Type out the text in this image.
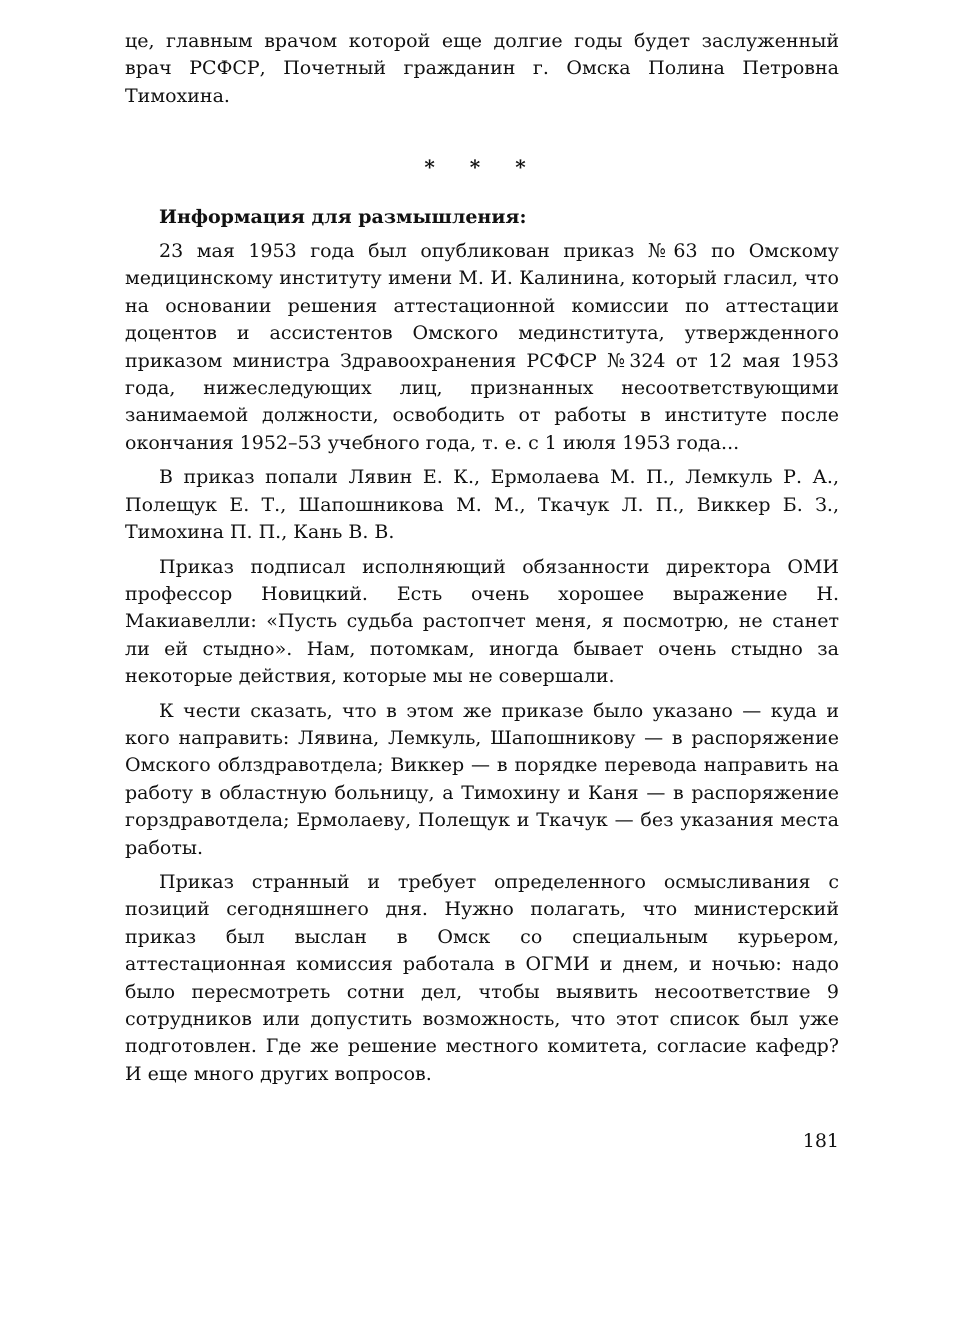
це, главным врачом которой еще долгие годы будет заслуженный врач РСФСР, Почетный гражданин г. Омска Полина Петровна Тимохина.

* * *

Информация для размышления:

23 мая 1953 года был опубликован приказ №63 по Омскому медицинскому институту имени М. И. Калинина, который гласил, что на основании решения аттестационной комиссии по аттестации доцентов и ассистентов Омского мединститута, утвержденного приказом министра Здравоохранения РСФСР №324 от 12 мая 1953 года, нижеследующих лиц, признанных несоответствующими занимаемой должности, освободить от работы в институте после окончания 1952–53 учебного года, т. е. с 1 июля 1953 года...

В приказ попали Лявин Е. К., Ермолаева М. П., Лемкуль Р. А., Полещук Е. Т., Шапошникова М. М., Ткачук Л. П., Виккер Б. З., Тимохина П. П., Кань В. В.

Приказ подписал исполняющий обязанности директора ОМИ профессор Новицкий. Есть очень хорошее выражение Н. Макиавелли: «Пусть судьба растопчет меня, я посмотрю, не станет ли ей стыдно». Нам, потомкам, иногда бывает очень стыдно за некоторые действия, которые мы не совершали.

К чести сказать, что в этом же приказе было указано — куда и кого направить: Лявина, Лемкуль, Шапошникову — в распоряжение Омского облздравотдела; Виккер — в порядке перевода направить на работу в областную больницу, а Тимохину и Каня — в распоряжение горздравотдела; Ермолаеву, Полещук и Ткачук — без указания места работы.

Приказ странный и требует определенного осмысливания с позиций сегодняшнего дня. Нужно полагать, что министерский приказ был выслан в Омск со специальным курьером, аттестационная комиссия работала в ОГМИ и днем, и ночью: надо было пересмотреть сотни дел, чтобы выявить несоответствие 9 сотрудников или допустить возможность, что этот список был уже подготовлен. Где же решение местного комитета, согласие кафедр? И еще много других вопросов.

181
